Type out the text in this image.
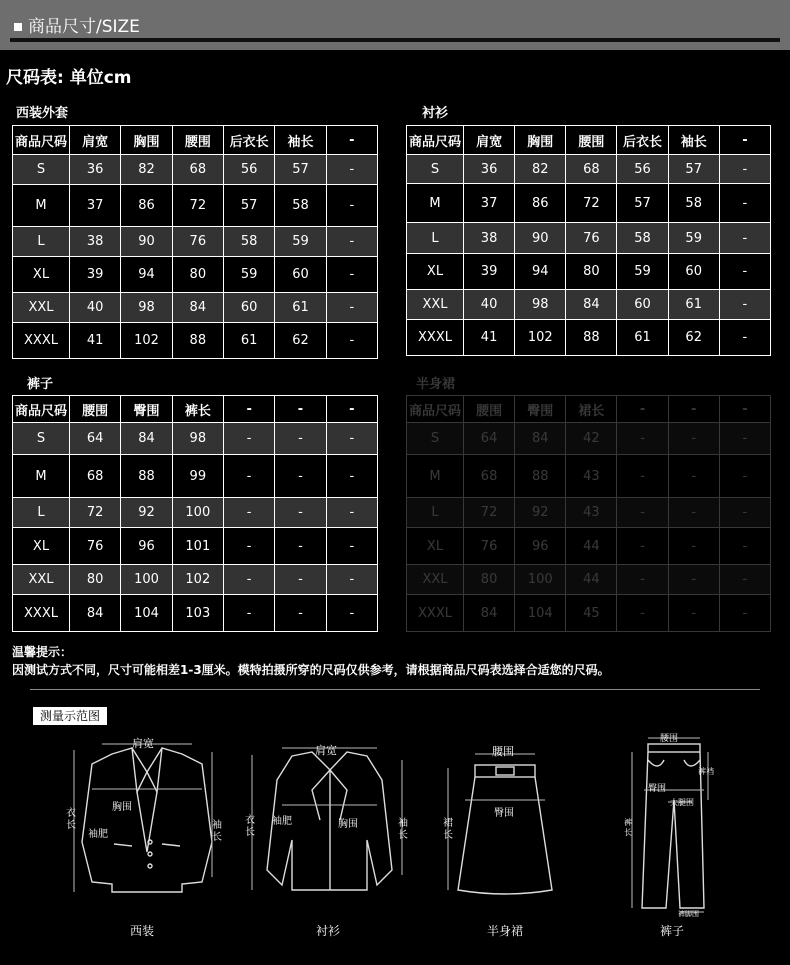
商品尺寸/SIZE
尺码表: 单位cm
西装外套
商品尺码	肩宽	胸围	腰围	后衣长	袖长	-
S	36	82	68	56	57	-
M	37	86	72	57	58	-
L	38	90	76	58	59	-
XL	39	94	80	59	60	-
XXL	40	98	84	60	61	-
XXXL	41	102	88	61	62	-
衬衫
商品尺码	肩宽	胸围	腰围	后衣长	袖长	-
S	36	82	68	56	57	-
M	37	86	72	57	58	-
L	38	90	76	58	59	-
XL	39	94	80	59	60	-
XXL	40	98	84	60	61	-
XXXL	41	102	88	61	62	-
裤子
商品尺码	腰围	臀围	裤长	-	-	-
S	64	84	98	-	-	-
M	68	88	99	-	-	-
L	72	92	100	-	-	-
XL	76	96	101	-	-	-
XXL	80	100	102	-	-	-
XXXL	84	104	103	-	-	-
半身裙
商品尺码	腰围	臀围	裙长	-	-	-
S	64	84	42	-	-	-
M	68	88	43	-	-	-
L	72	92	43	-	-	-
XL	76	96	44	-	-	-
XXL	80	100	44	-	-	-
XXXL	84	104	45	-	-	-
温馨提示：
因测试方式不同，尺寸可能相差1-3厘米。模特拍摄所穿的尺码仅供参考，请根据商品尺码表选择合适您的尺码。
测量示范图
肩宽
胸围
袖肥
衣长	袖长
西装
肩宽
胸围
袖肥
衣长
袖长
衬衫
腰围
臀围
裙长
半身裙
腰围
臀围
裤裆
大腿围
裤长
裤脚围
裤子
